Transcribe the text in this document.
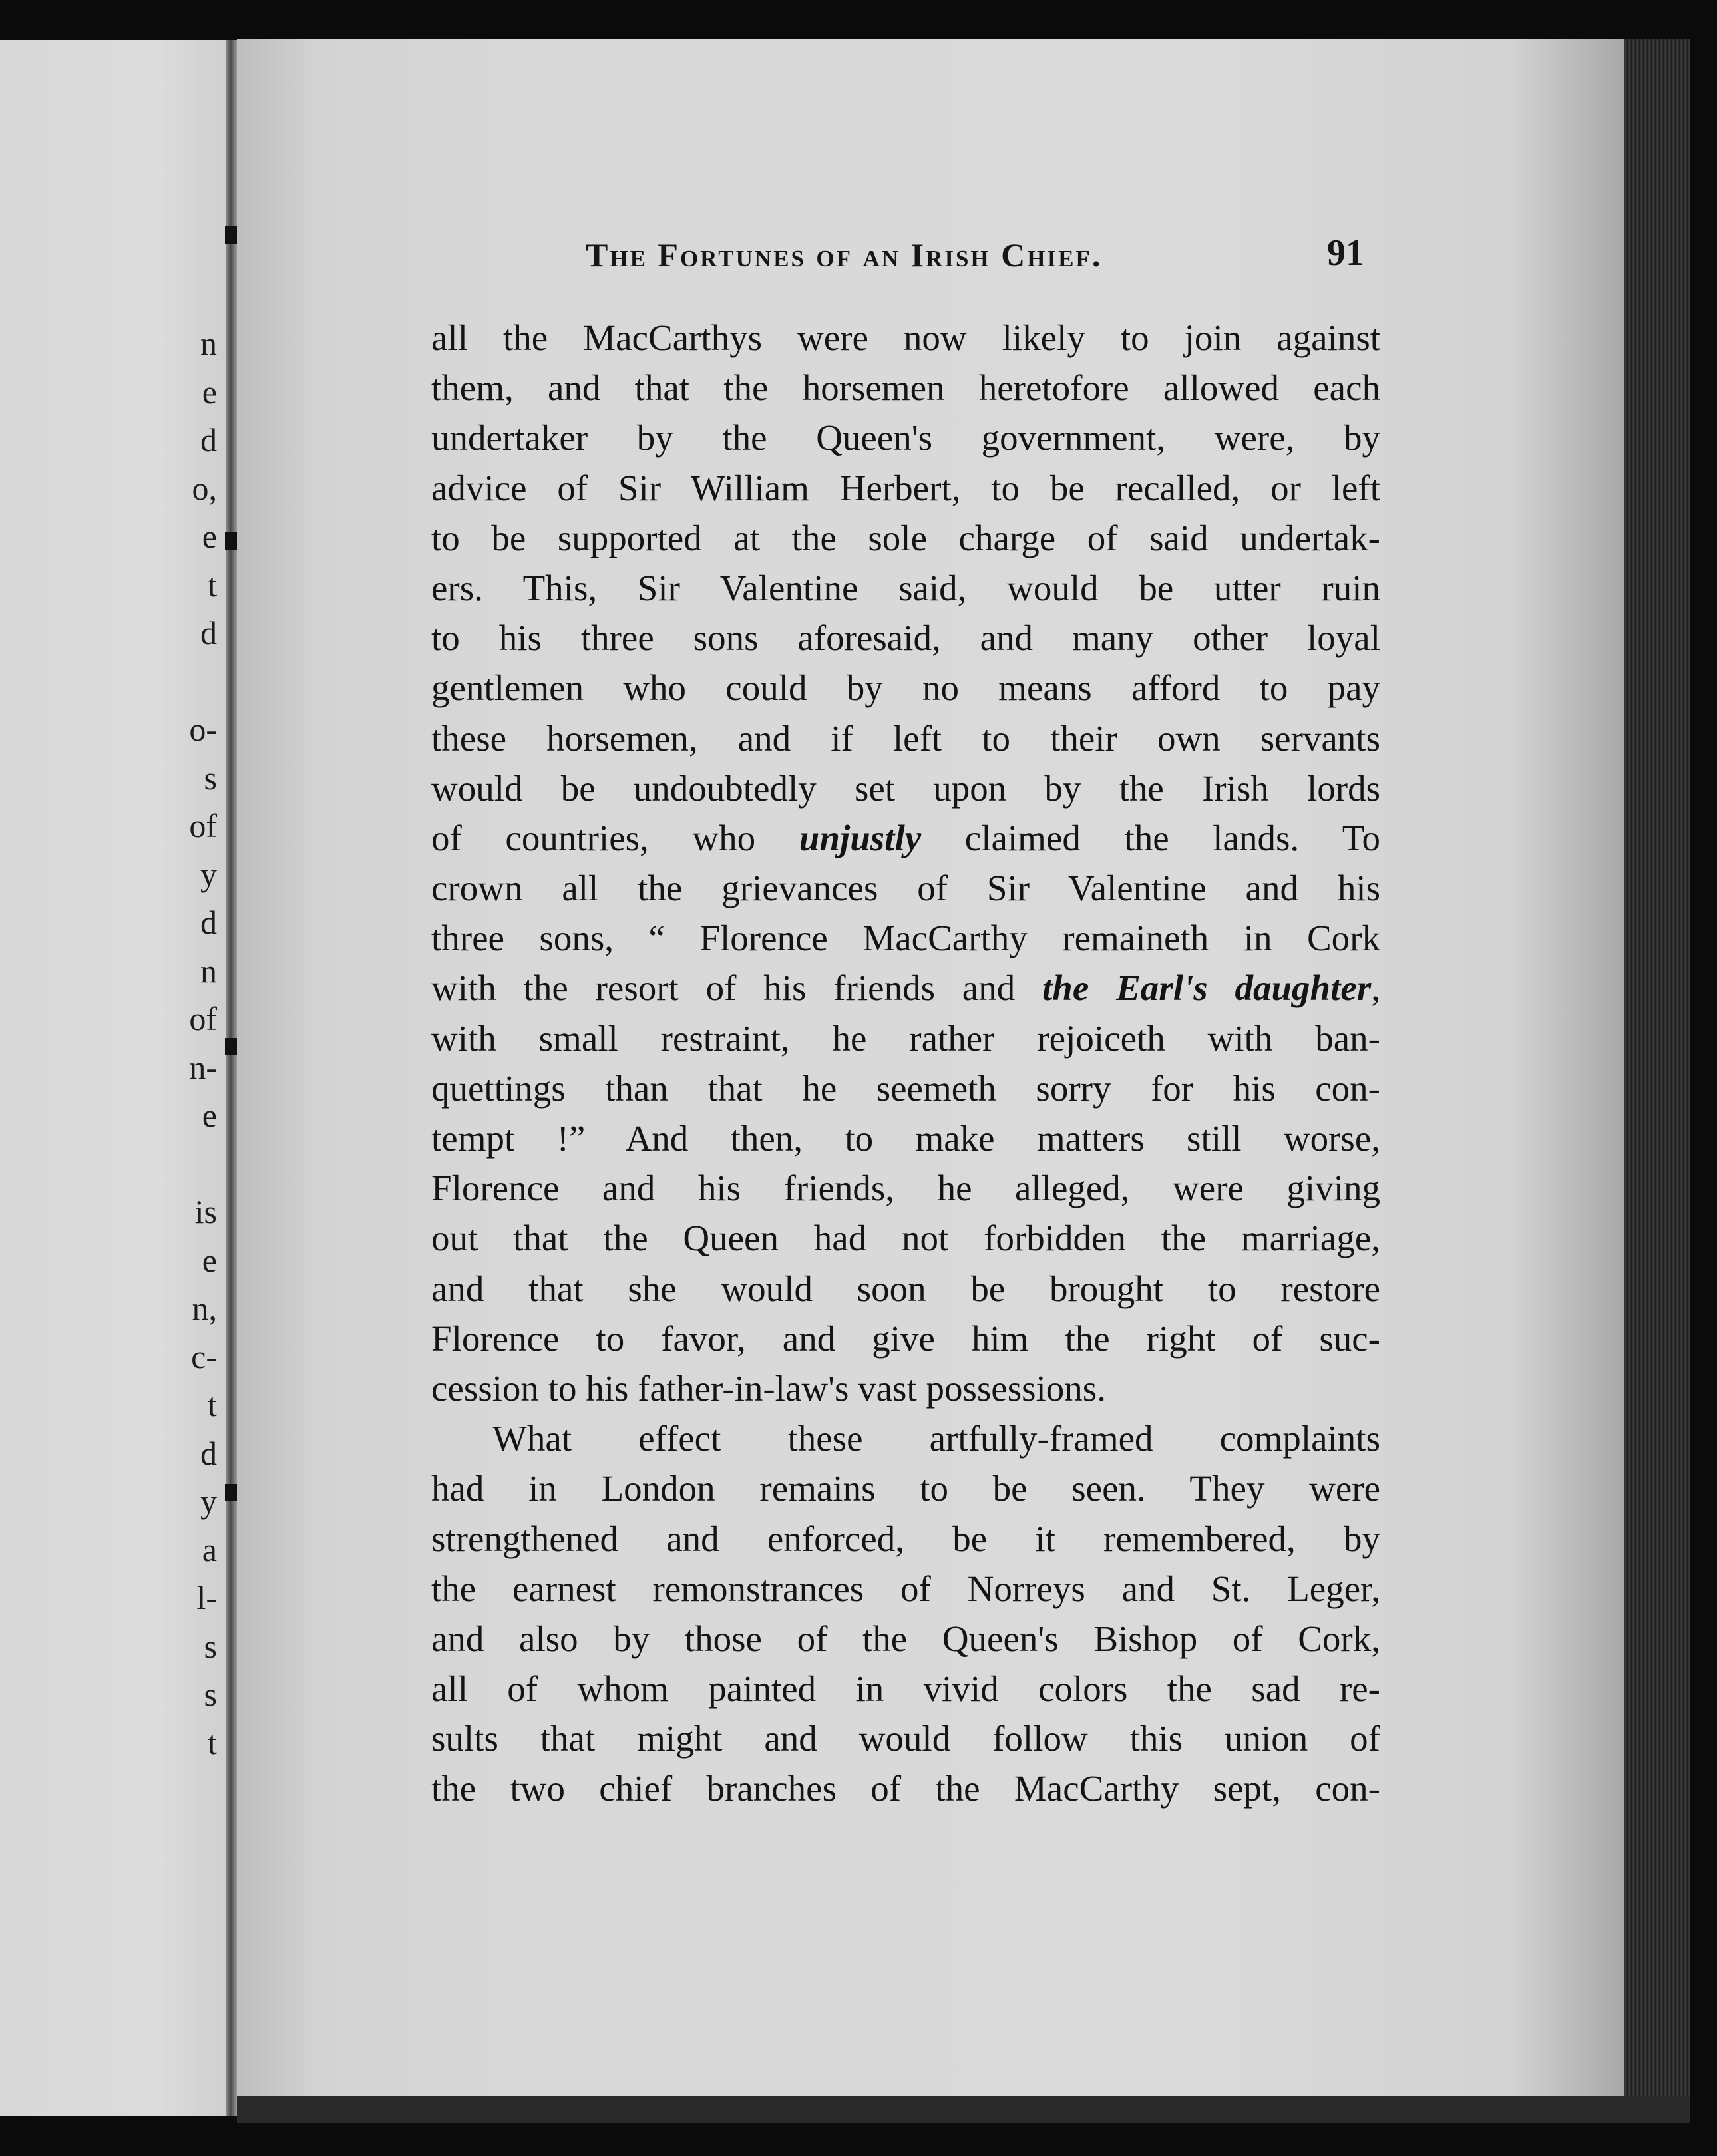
n
e
d
o,
e
t
d

o-
s
of
y
d
n
of
n-
e

is
e
n,
c-
t
d
y
a
l-
s
s
t
The Fortunes of an Irish Chief.	91
all the MacCarthys were now likely to join against
them, and that the horsemen heretofore allowed each
undertaker by the Queen's government, were, by
advice of Sir William Herbert, to be recalled, or left
to be supported at the sole charge of said undertak-
ers. This, Sir Valentine said, would be utter ruin
to his three sons aforesaid, and many other loyal
gentlemen who could by no means afford to pay
these horsemen, and if left to their own servants
would be undoubtedly set upon by the Irish lords
of countries, who unjustly claimed the lands. To
crown all the grievances of Sir Valentine and his
three sons, “ Florence MacCarthy remaineth in Cork
with the resort of his friends and the Earl's daughter,
with small restraint, he rather rejoiceth with ban-
quettings than that he seemeth sorry for his con-
tempt !” And then, to make matters still worse,
Florence and his friends, he alleged, were giving
out that the Queen had not forbidden the marriage,
and that she would soon be brought to restore
Florence to favor, and give him the right of suc-
cession to his father-in-law's vast possessions.
What effect these artfully-framed complaints
had in London remains to be seen. They were
strengthened and enforced, be it remembered, by
the earnest remonstrances of Norreys and St. Leger,
and also by those of the Queen's Bishop of Cork,
all of whom painted in vivid colors the sad re-
sults that might and would follow this union of
the two chief branches of the MacCarthy sept, con-
